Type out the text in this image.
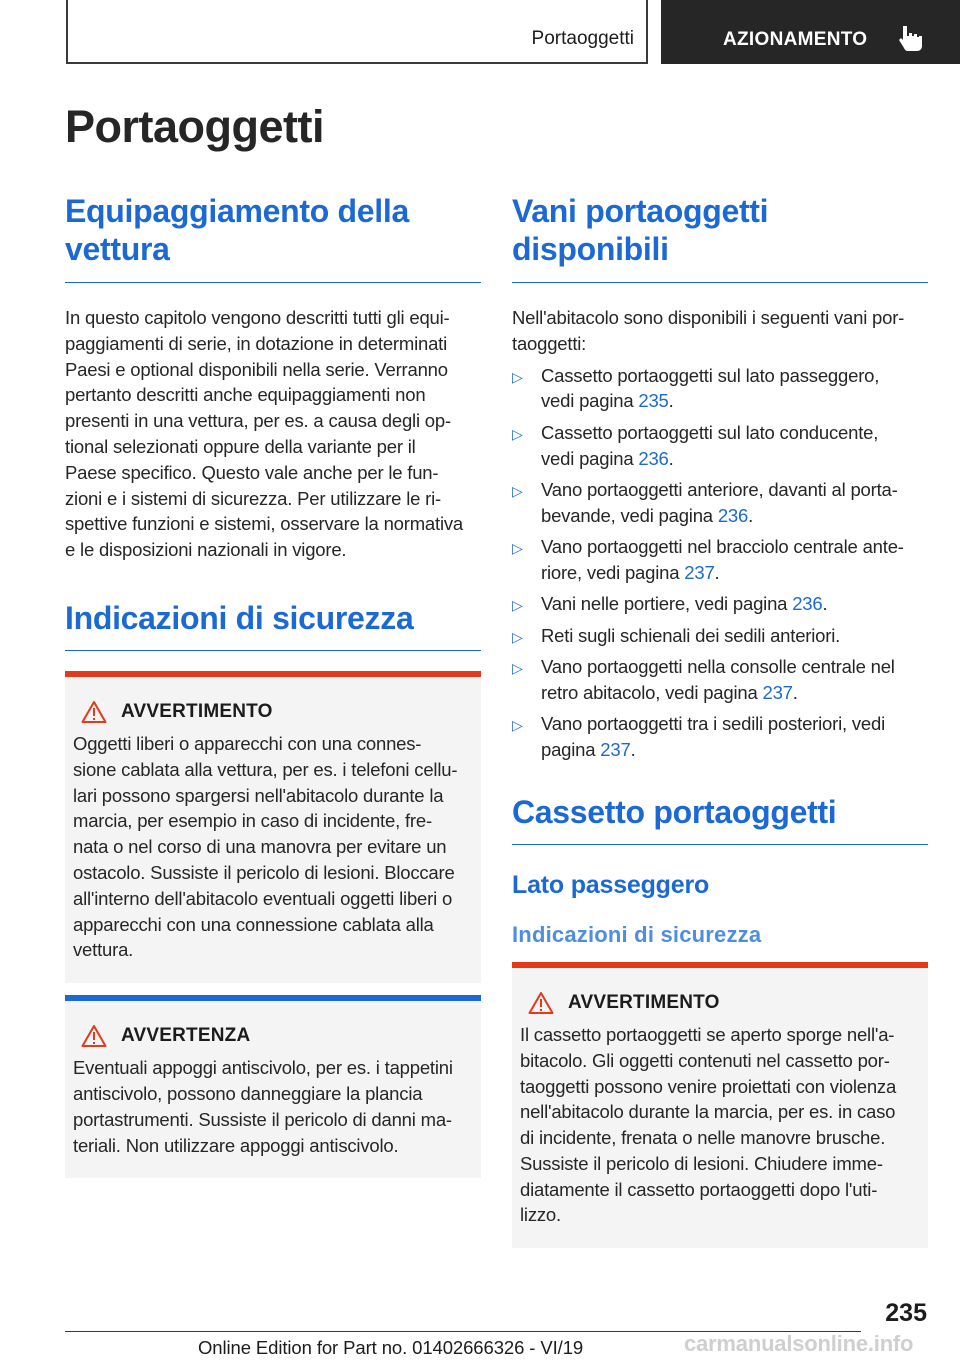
Portaoggetti	AZIONAMENTO
Portaoggetti
Equipaggiamento della
vettura
In questo capitolo vengono descritti tutti gli equi-
paggiamenti di serie, in dotazione in determinati
Paesi e optional disponibili nella serie. Verranno
pertanto descritti anche equipaggiamenti non
presenti in una vettura, per es. a causa degli op-
tional selezionati oppure della variante per il
Paese specifico. Questo vale anche per le fun-
zioni e i sistemi di sicurezza. Per utilizzare le ri-
spettive funzioni e sistemi, osservare la normativa
e le disposizioni nazionali in vigore.
Indicazioni di sicurezza
AVVERTIMENTO
Oggetti liberi o apparecchi con una connes-
sione cablata alla vettura, per es. i telefoni cellu-
lari possono spargersi nell'abitacolo durante la
marcia, per esempio in caso di incidente, fre-
nata o nel corso di una manovra per evitare un
ostacolo. Sussiste il pericolo di lesioni. Bloccare
all'interno dell'abitacolo eventuali oggetti liberi o
apparecchi con una connessione cablata alla
vettura.
AVVERTENZA
Eventuali appoggi antiscivolo, per es. i tappetini
antiscivolo, possono danneggiare la plancia
portastrumenti. Sussiste il pericolo di danni ma-
teriali. Non utilizzare appoggi antiscivolo.
Vani portaoggetti
disponibili
Nell'abitacolo sono disponibili i seguenti vani por-
taoggetti:
▷ Cassetto portaoggetti sul lato passeggero,
vedi pagina 235.
▷ Cassetto portaoggetti sul lato conducente,
vedi pagina 236.
▷ Vano portaoggetti anteriore, davanti al porta-
bevande, vedi pagina 236.
▷ Vano portaoggetti nel bracciolo centrale ante-
riore, vedi pagina 237.
▷ Vani nelle portiere, vedi pagina 236.
▷ Reti sugli schienali dei sedili anteriori.
▷ Vano portaoggetti nella consolle centrale nel
retro abitacolo, vedi pagina 237.
▷ Vano portaoggetti tra i sedili posteriori, vedi
pagina 237.
Cassetto portaoggetti
Lato passeggero
Indicazioni di sicurezza
AVVERTIMENTO
Il cassetto portaoggetti se aperto sporge nell'a-
bitacolo. Gli oggetti contenuti nel cassetto por-
taoggetti possono venire proiettati con violenza
nell'abitacolo durante la marcia, per es. in caso
di incidente, frenata o nelle manovre brusche.
Sussiste il pericolo di lesioni. Chiudere imme-
diatamente il cassetto portaoggetti dopo l'uti-
lizzo.
235
Online Edition for Part no. 01402666326 - VI/19	carmanualsonline.info
